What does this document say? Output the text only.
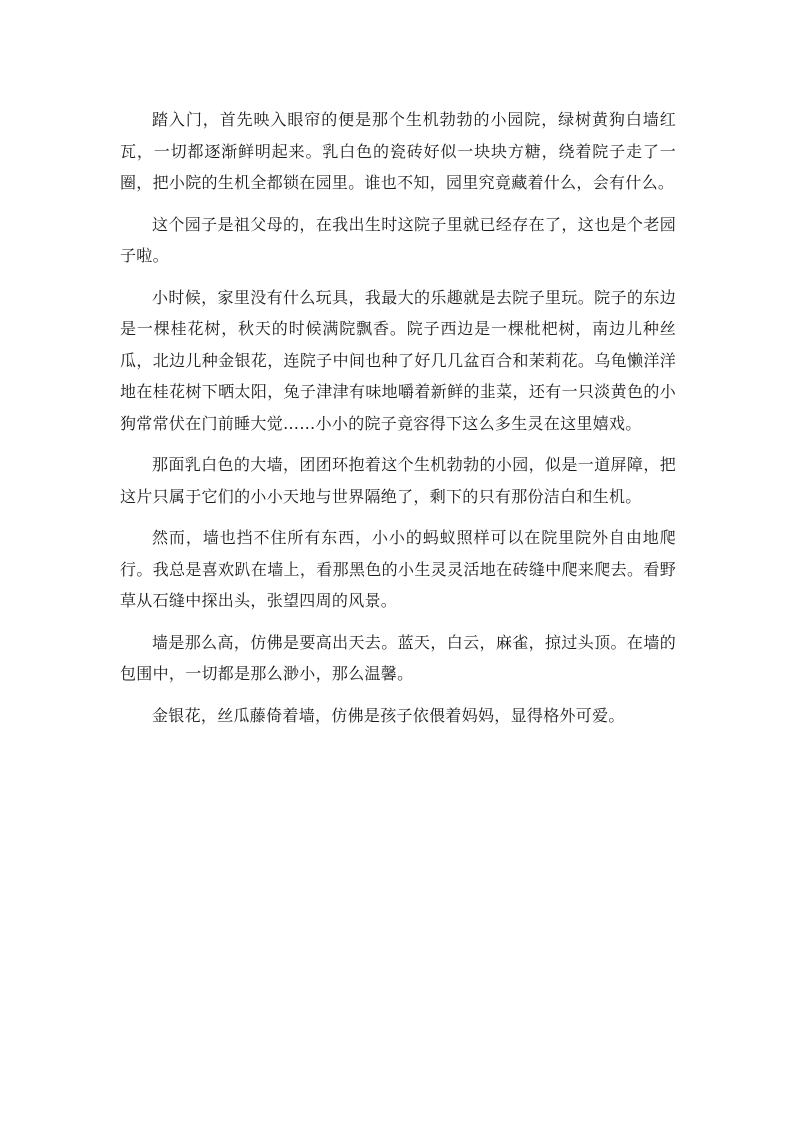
踏入门，首先映入眼帘的便是那个生机勃勃的小园院，绿树黄狗白墙红瓦，一切都逐渐鲜明起来。乳白色的瓷砖好似一块块方糖，绕着院子走了一圈，把小院的生机全都锁在园里。谁也不知，园里究竟藏着什么，会有什么。

这个园子是祖父母的，在我出生时这院子里就已经存在了，这也是个老园子啦。

小时候，家里没有什么玩具，我最大的乐趣就是去院子里玩。院子的东边是一棵桂花树，秋天的时候满院飘香。院子西边是一棵枇杷树，南边儿种丝瓜，北边儿种金银花，连院子中间也种了好几几盆百合和茉莉花。乌龟懒洋洋地在桂花树下晒太阳，兔子津津有味地嚼着新鲜的韭菜，还有一只淡黄色的小狗常常伏在门前睡大觉……小小的院子竟容得下这么多生灵在这里嬉戏。

那面乳白色的大墙，团团环抱着这个生机勃勃的小园，似是一道屏障，把这片只属于它们的小小天地与世界隔绝了，剩下的只有那份洁白和生机。

然而，墙也挡不住所有东西，小小的蚂蚁照样可以在院里院外自由地爬行。我总是喜欢趴在墙上，看那黑色的小生灵灵活地在砖缝中爬来爬去。看野草从石缝中探出头，张望四周的风景。

墙是那么高，仿佛是要高出天去。蓝天，白云，麻雀，掠过头顶。在墙的包围中，一切都是那么渺小，那么温馨。

金银花，丝瓜藤倚着墙，仿佛是孩子依偎着妈妈，显得格外可爱。
